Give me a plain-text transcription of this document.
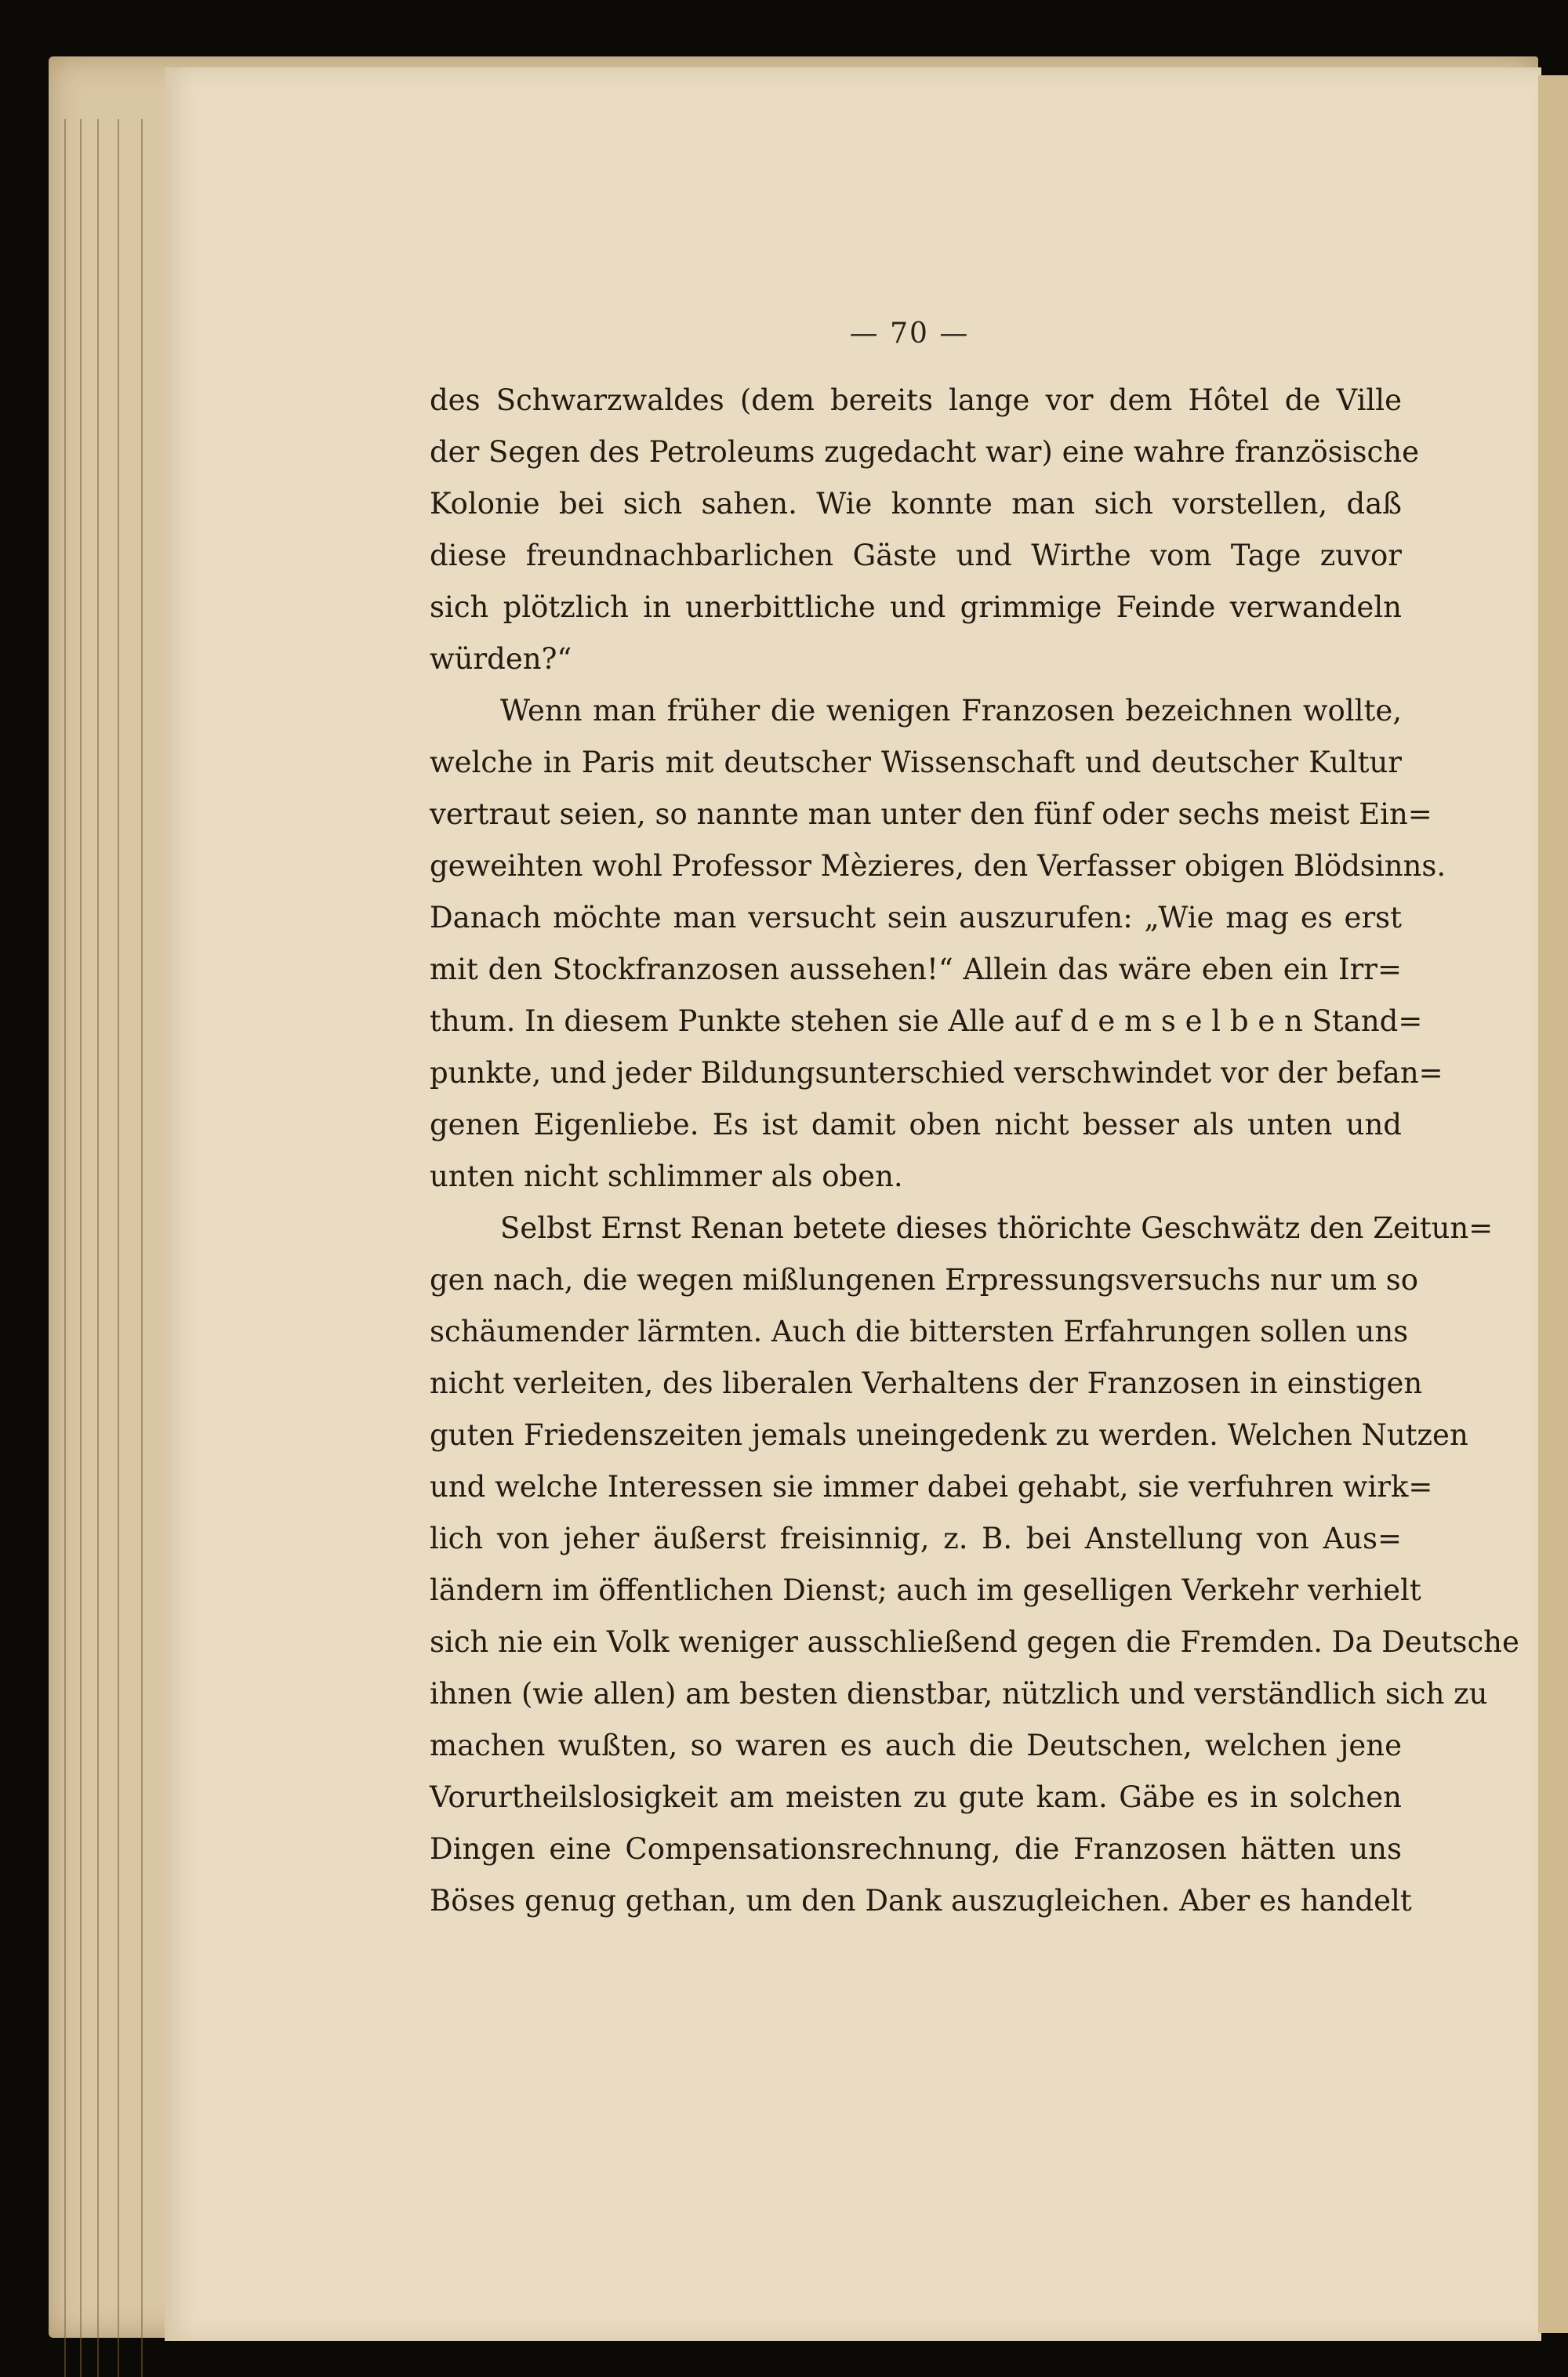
— 70 —
des Schwarzwaldes (dem bereits lange vor dem Hôtel de Ville
der Segen des Petroleums zugedacht war) eine wahre französische
Kolonie bei sich sahen. Wie konnte man sich vorstellen, daß
diese freundnachbarlichen Gäste und Wirthe vom Tage zuvor
sich plötzlich in unerbittliche und grimmige Feinde verwandeln
würden?“
Wenn man früher die wenigen Franzosen bezeichnen wollte,
welche in Paris mit deutscher Wissenschaft und deutscher Kultur
vertraut seien, so nannte man unter den fünf oder sechs meist Ein=
geweihten wohl Professor Mèzieres, den Verfasser obigen Blödsinns.
Danach möchte man versucht sein auszurufen: „Wie mag es erst
mit den Stockfranzosen aussehen!“ Allein das wäre eben ein Irr=
thum. In diesem Punkte stehen sie Alle auf d e m s e l b e n Stand=
punkte, und jeder Bildungsunterschied verschwindet vor der befan=
genen Eigenliebe. Es ist damit oben nicht besser als unten und
unten nicht schlimmer als oben.
Selbst Ernst Renan betete dieses thörichte Geschwätz den Zeitun=
gen nach, die wegen mißlungenen Erpressungsversuchs nur um so
schäumender lärmten. Auch die bittersten Erfahrungen sollen uns
nicht verleiten, des liberalen Verhaltens der Franzosen in einstigen
guten Friedenszeiten jemals uneingedenk zu werden. Welchen Nutzen
und welche Interessen sie immer dabei gehabt, sie verfuhren wirk=
lich von jeher äußerst freisinnig, z. B. bei Anstellung von Aus=
ländern im öffentlichen Dienst; auch im geselligen Verkehr verhielt
sich nie ein Volk weniger ausschließend gegen die Fremden. Da Deutsche
ihnen (wie allen) am besten dienstbar, nützlich und verständlich sich zu
machen wußten, so waren es auch die Deutschen, welchen jene
Vorurtheilslosigkeit am meisten zu gute kam. Gäbe es in solchen
Dingen eine Compensationsrechnung, die Franzosen hätten uns
Böses genug gethan, um den Dank auszugleichen. Aber es handelt
